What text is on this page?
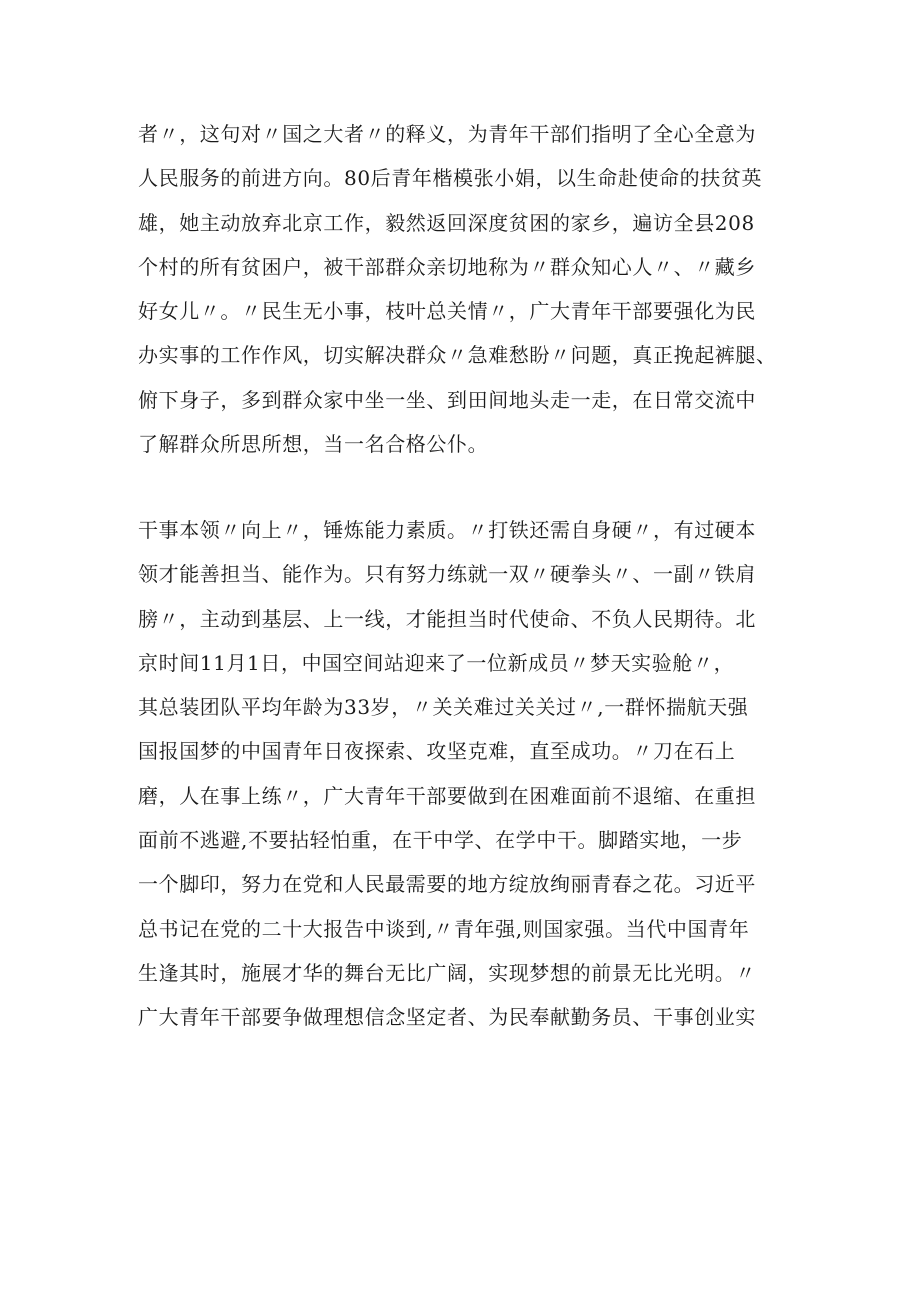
者〃，这句对〃国之大者〃的释义，为青年干部们指明了全心全意为
人民服务的前进方向。80后青年楷模张小娟，以生命赴使命的扶贫英
雄，她主动放弃北京工作，毅然返回深度贫困的家乡，遍访全县208
个村的所有贫困户，被干部群众亲切地称为〃群众知心人〃、〃藏乡
好女儿〃。〃民生无小事，枝叶总关情〃，广大青年干部要强化为民
办实事的工作作风，切实解决群众〃急难愁盼〃问题，真正挽起裤腿、
俯下身子，多到群众家中坐一坐、到田间地头走一走，在日常交流中
了解群众所思所想，当一名合格公仆。
干事本领〃向上〃，锤炼能力素质。〃打铁还需自身硬〃，有过硬本
领才能善担当、能作为。只有努力练就一双〃硬拳头〃、一副〃铁肩
膀〃，主动到基层、上一线，才能担当时代使命、不负人民期待。北
京时间11月1日，中国空间站迎来了一位新成员〃梦天实验舱〃，
其总装团队平均年龄为33岁，〃关关难过关关过〃,一群怀揣航天强
国报国梦的中国青年日夜探索、攻坚克难，直至成功。〃刀在石上
磨，人在事上练〃，广大青年干部要做到在困难面前不退缩、在重担
面前不逃避,不要拈轻怕重，在干中学、在学中干。脚踏实地，一步
一个脚印，努力在党和人民最需要的地方绽放绚丽青春之花。习近平
总书记在党的二十大报告中谈到,〃青年强,则国家强。当代中国青年
生逢其时，施展才华的舞台无比广阔，实现梦想的前景无比光明。〃
广大青年干部要争做理想信念坚定者、为民奉献勤务员、干事创业实
